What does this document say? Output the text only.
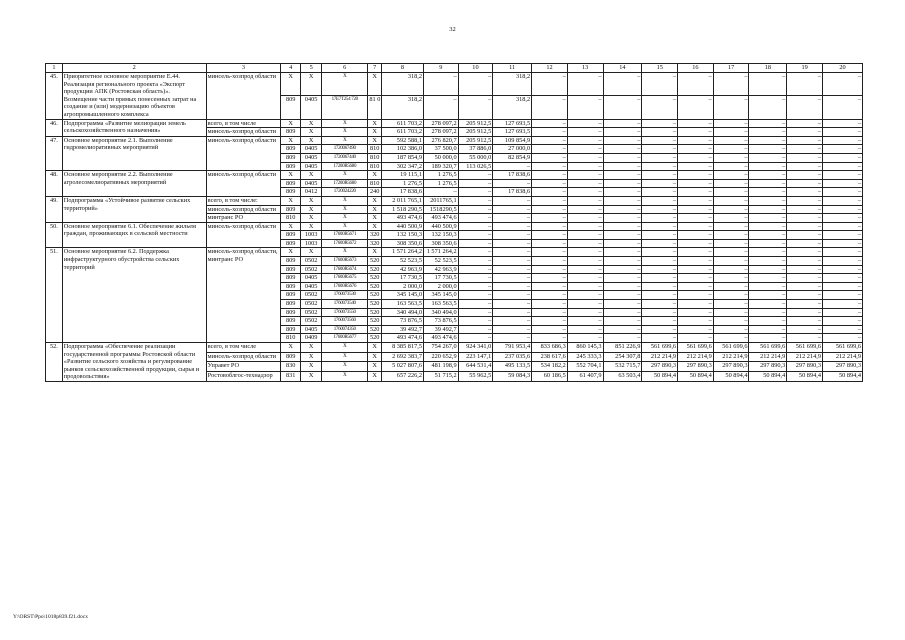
32
1	2	3	4	5	6	7	8	9	10	11	12	13	14	15	16	17	18	19	20
45.	Приоритетное основное мероприятие Е.44. Реализация регионального проекта «Экспорт продукции АПК (Ростовская область)». Возмещение части прямых понесенных затрат на создание и (или) модернизацию объектов агропромышленного комплекса	минсель-хозпрод области	Х	Х	Х	Х	318,2	–	–	318,2	–	–	–	–	–	–	–	–	–
			809	0405	17Е7Т254 720	81 0	318,2	–	–	318,2	–	–	–	–	–	–	–	–	–
46.	Подпрограмма «Развитие мелиорации земель сельскохозяйственного назначения»	всего, в том числе	Х	Х	Х	Х	611 703,2	278 097,2	205 912,5	127 693,5	–	–	–	–	–	–	–	–	–
		минсель-хозпрод области	809	Х	Х	Х	611 703,2	278 097,2	205 912,5	127 693,5	–	–	–	–	–	–	–	–	–
47.	Основное мероприятие 2.1. Выполнение гидромелиоративных мероприятий	минсель-хозпрод области	Х	Х	Х	Х	592 588,1	276 820,7	205 912,5	109 854,9	–	–	–	–	–	–	–	–	–
			809	0405	1720067490	810	102 386,0	37 500,0	37 886,0	27 000,0	–	–	–	–	–	–	–	–	–
			809	0405	1720067440	810	187 854,9	50 000,0	55 000,0	82 854,9	–	–	–	–	–	–	–	–	–
			809	0405	17200R5680	810	302 347,2	189 320,7	113 026,5	–	–	–	–	–	–	–	–	–	–
48.	Основное мероприятие 2.2. Выполнение агролесомелиоративных мероприятий	минсель-хозпрод области	Х	Х	Х	Х	19 115,1	1 276,5	–	17 838,6	–	–	–	–	–	–	–	–	–
			809	0405	17200R5680	810	1 276,5	1 276,5	–	–	–	–	–	–	–	–	–	–	–
			809	0412	1720024220	240	17 838,6	–	–	17 838,6	–	–	–	–	–	–	–	–	–
49.	Подпрограмма «Устойчивое развитие сельских территорий»	всего, в том числе:	Х	Х	Х	Х	2 011 765,1	2011765,1	–	–	–	–	–	–	–	–	–	–	–
		минсель-хозпрод области	809	Х	Х	Х	1 518 290,5	1518290,5	–	–	–	–	–	–	–	–	–	–	–
		минтранс РО	810	Х	Х	Х	493 474,6	493 474,6	–	–	–	–	–	–	–	–	–	–	–
50.	Основное мероприятие 6.1. Обеспечение жильем граждан, проживающих в сельской местности	минсель-хозпрод области	Х	Х	Х	Х	440 500,9	440 500,9	–	–	–	–	–	–	–	–	–	–	–
			809	1003	17600R5671	320	132 150,3	132 150,3	–	–	–	–	–	–	–	–	–	–	–
			809	1003	17600R5672	320	308 350,6	308 350,6	–	–	–	–	–	–	–	–	–	–	–
51.	Основное мероприятие 6.2. Поддержка инфраструктурного обустройства сельских территорий	минсель-хозпрод области, минтранс РО	Х	Х	Х	Х	1 571 264,2	1 571 264,2	–	–	–	–	–	–	–	–	–	–	–
			809	0502	17600R5673	520	52 523,5	52 523,5	–	–	–	–	–	–	–	–	–	–	–
			809	0502	17600R5674	520	42 963,9	42 963,9	–	–	–	–	–	–	–	–	–	–	–
			809	0405	17600R5675	520	17 730,5	17 730,5	–	–	–	–	–	–	–	–	–	–	–
			809	0405	17600R5676	520	2 000,0	2 000,0	–	–	–	–	–	–	–	–	–	–	–
			809	0502	1760073530	520	345 145,0	345 145,0	–	–	–	–	–	–	–	–	–	–	–
			809	0502	1760073540	520	163 563,5	163 563,5	–	–	–	–	–	–	–	–	–	–	–
			809	0502	1760073550	520	340 494,0	340 494,0	–	–	–	–	–	–	–	–	–	–	–
			809	0502	1760073560	520	73 876,5	73 876,5	–	–	–	–	–	–	–	–	–	–	–
			809	0405	1760074350	520	39 492,7	39 492,7	–	–	–	–	–	–	–	–	–	–	–
			810	0409	17600R5677	520	493 474,6	493 474,6	–	–	–	–	–	–	–	–	–	–	–
52.	Подпрограмма «Обеспечение реализации государственной программы Ростовской области «Развитие сельского хозяйства и регулирование рынков сельскохозяйственной продукции, сырья и продовольствия»	всего, в том числе	Х	Х	Х	Х	8 385 817,5	754 267,0	924 341,0	791 953,4	833 686,3	860 145,3	851 226,9	561 699,6	561 699,6	561 699,6	561 699,6	561 699,6	561 699,6
		минсель-хозпрод области	809	Х	Х	Х	2 692 383,7	220 652,9	223 147,1	237 035,6	238 617,6	245 333,3	254 307,8	212 214,9	212 214,9	212 214,9	212 214,9	212 214,9	212 214,9
		Управет РО	830	Х	Х	Х	5 027 807,6	481 198,9	644 531,4	495 133,5	534 182,2	552 704,1	532 715,7	297 890,3	297 890,3	297 890,3	297 890,3	297 890,3	297 890,3
		Ростовоблгос-технадзор	831	Х	Х	Х	657 226,2	51 715,2	55 962,5	59 084,3	60 186,5	61 407,9	63 503,4	50 894,4	50 894,4	50 894,4	50 894,4	50 894,4	50 894,4
Y:\ORST\Ppo\1018p839.f21.docx
